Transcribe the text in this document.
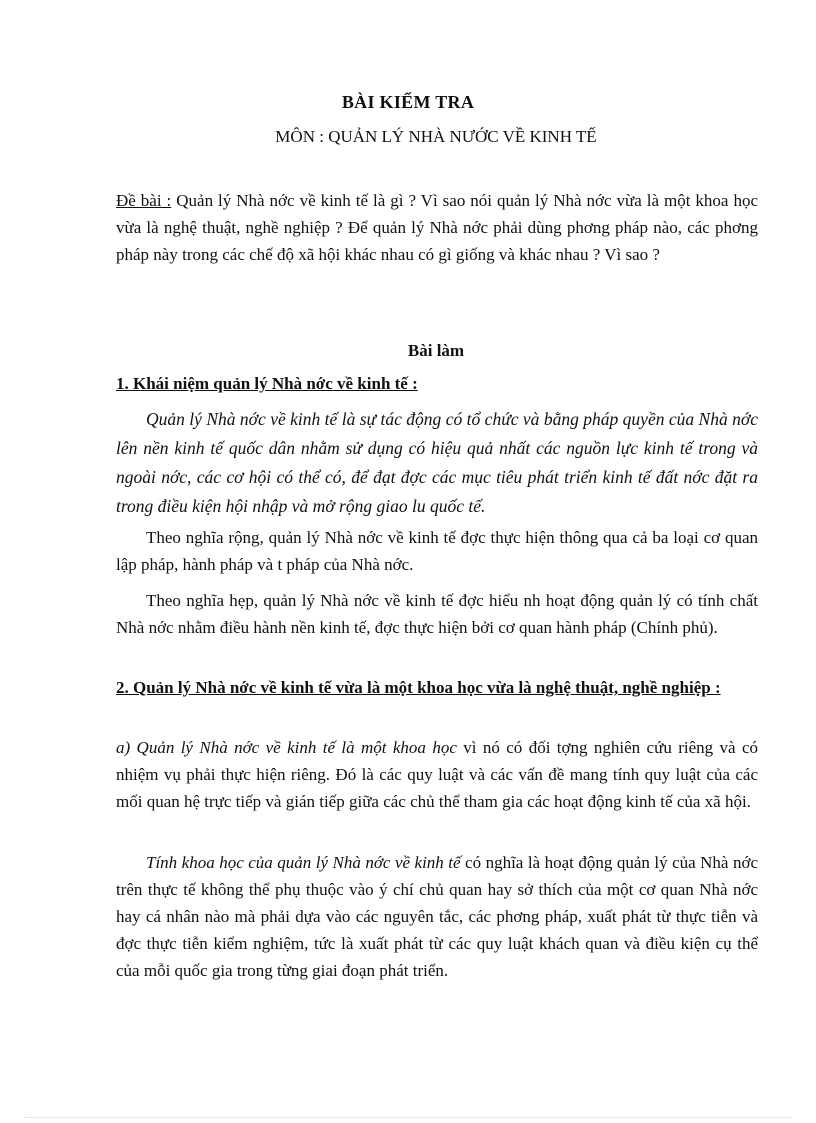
BÀI KIỂM TRA
MÔN : QUẢN LÝ NHÀ NƯỚC VỀ KINH TẾ
Đề bài : Quản lý Nhà nớc về kinh tế là gì ? Vì sao nói quản lý Nhà nớc vừa là một khoa học vừa là nghệ thuật, nghề nghiệp ? Để quản lý Nhà nớc phải dùng phơng pháp nào, các phơng pháp này trong các chế độ xã hội khác nhau có gì giống và khác nhau ? Vì sao ?
Bài làm
1. Khái niệm quản lý Nhà nớc về kinh tế :
Quản lý Nhà nớc về kinh tế là sự tác động có tổ chức và bằng pháp quyền của Nhà nớc lên nền kinh tế quốc dân nhằm sử dụng có hiệu quả nhất các nguồn lực kinh tế trong và ngoài nớc, các cơ hội có thể có, để đạt đợc các mục tiêu phát triển kinh tế đất nớc đặt ra trong điều kiện hội nhập và mở rộng giao lu quốc tế.
Theo nghĩa rộng, quản lý Nhà nớc về kinh tế đợc thực hiện thông qua cả ba loại cơ quan lập pháp, hành pháp và t pháp của Nhà nớc.
Theo nghĩa hẹp, quản lý Nhà nớc về kinh tế đợc hiểu nh hoạt động quản lý có tính chất Nhà nớc nhằm điều hành nền kinh tế, đợc thực hiện bởi cơ quan hành pháp (Chính phủ).
2. Quản lý Nhà nớc về kinh tế vừa là một khoa học vừa là nghệ thuật, nghề nghiệp :
a) Quản lý Nhà nớc về kinh tế là một khoa học vì nó có đối tợng nghiên cứu riêng và có nhiệm vụ phải thực hiện riêng. Đó là các quy luật và các vấn đề mang tính quy luật của các mối quan hệ trực tiếp và gián tiếp giữa các chủ thể tham gia các hoạt động kinh tế của xã hội.
Tính khoa học của quản lý Nhà nớc về kinh tế có nghĩa là hoạt động quản lý của Nhà nớc trên thực tế không thể phụ thuộc vào ý chí chủ quan hay sở thích của một cơ quan Nhà nớc hay cá nhân nào mà phải dựa vào các nguyên tắc, các phơng pháp, xuất phát từ thực tiễn và đợc thực tiễn kiểm nghiệm, tức là xuất phát từ các quy luật khách quan và điều kiện cụ thể của mỗi quốc gia trong từng giai đoạn phát triển.
